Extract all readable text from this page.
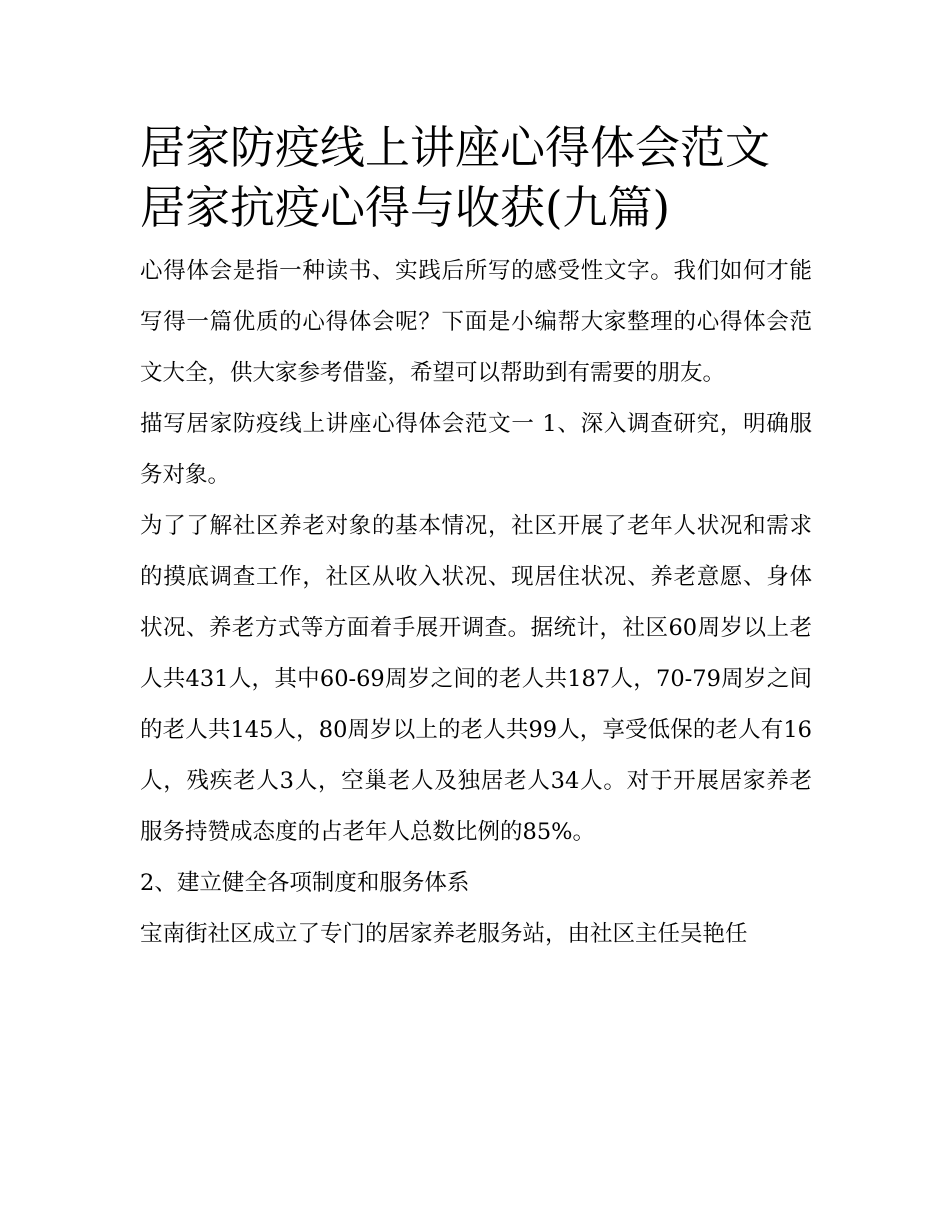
居家防疫线上讲座心得体会范文 居家抗疫心得与收获(九篇)

心得体会是指一种读书、实践后所写的感受性文字。我们如何才能写得一篇优质的心得体会呢？下面是小编帮大家整理的心得体会范文大全，供大家参考借鉴，希望可以帮助到有需要的朋友。

描写居家防疫线上讲座心得体会范文一 1、深入调查研究，明确服务对象。

为了了解社区养老对象的基本情况，社区开展了老年人状况和需求的摸底调查工作，社区从收入状况、现居住状况、养老意愿、身体状况、养老方式等方面着手展开调查。据统计，社区60周岁以上老人共431人，其中60-69周岁之间的老人共187人，70-79周岁之间的老人共145人，80周岁以上的老人共99人，享受低保的老人有16人，残疾老人3人，空巢老人及独居老人34人。对于开展居家养老服务持赞成态度的占老年人总数比例的85%。

2、建立健全各项制度和服务体系

宝南街社区成立了专门的居家养老服务站，由社区主任吴艳任
